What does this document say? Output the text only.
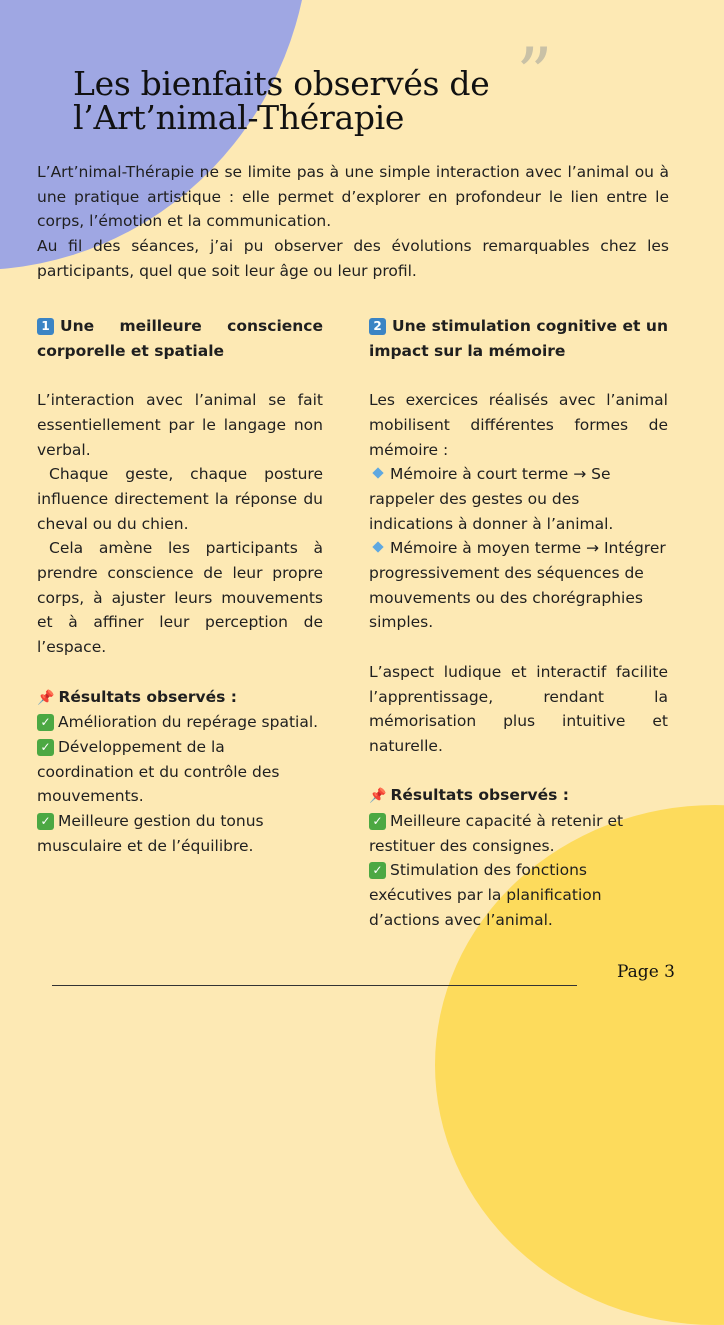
”
Les bienfaits observés de
l’Art’nimal-Thérapie

L’Art’nimal-Thérapie ne se limite pas à une simple interaction avec l’animal ou à une pratique artistique : elle permet d’explorer en profondeur le lien entre le corps, l’émotion et la communication.

Au fil des séances, j’ai pu observer des évolutions remarquables chez les participants, quel que soit leur âge ou leur profil.

1 Une meilleure conscience corporelle et spatiale

L’interaction avec l’animal se fait essentiellement par le langage non verbal.

Chaque geste, chaque posture influence directement la réponse du cheval ou du chien.

Cela amène les participants à prendre conscience de leur propre corps, à ajuster leurs mouvements et à affiner leur perception de l’espace.

📌 Résultats observés :

✓ Amélioration du repérage spatial.

✓ Développement de la coordination et du contrôle des mouvements.

✓ Meilleure gestion du tonus musculaire et de l’équilibre.

2 Une stimulation cognitive et un impact sur la mémoire

Les exercices réalisés avec l’animal mobilisent différentes formes de mémoire :

Mémoire à court terme → Se rappeler des gestes ou des indications à donner à l’animal.

Mémoire à moyen terme → Intégrer progressivement des séquences de mouvements ou des chorégraphies simples.

L’aspect ludique et interactif facilite l’apprentissage, rendant la mémorisation plus intuitive et naturelle.

📌 Résultats observés :

✓ Meilleure capacité à retenir et restituer des consignes.

✓ Stimulation des fonctions exécutives par la planification d’actions avec l’animal.

Page 3
